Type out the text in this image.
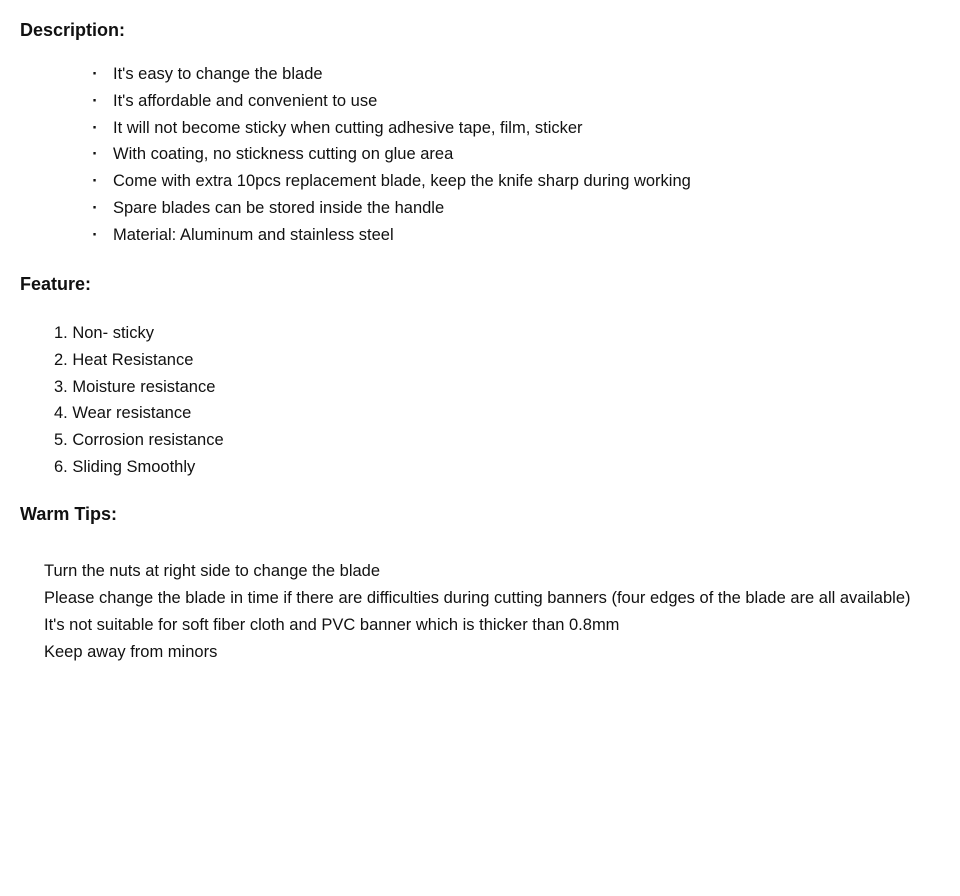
Description:
· It's easy to change the blade
· It's affordable and convenient to use
· It will not become sticky when cutting adhesive tape, film, sticker
· With coating, no stickness cutting on glue area
· Come with extra 10pcs replacement blade, keep the knife sharp during working
· Spare blades can be stored inside the handle
· Material: Aluminum and stainless steel
Feature:
1. Non- sticky
2. Heat Resistance
3. Moisture resistance
4. Wear resistance
5. Corrosion resistance
6. Sliding Smoothly
Warm Tips:

Turn the nuts at right side to change the blade

Please change the blade in time if there are difficulties during cutting banners (four edges of the blade are all available)

It's not suitable for soft fiber cloth and PVC banner which is thicker than 0.8mm

Keep away from minors
